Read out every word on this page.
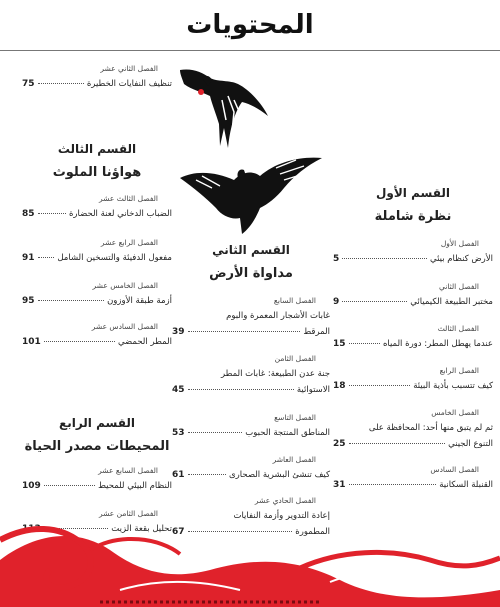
المحتويات
القسم الأول
نظرة شاملة
الفصل الأول
الأرض كنظام بيئي
5
الفصل الثاني
مختبر الطبيعة الكيميائي
9
الفصل الثالث
عندما يهطل المطر: دورة المياه
15
الفصل الرابع
كيف تتسبب بأذية البيئة
18
الفصل الخامس
ثم لم يتبق منها أحد: المحافظة على
التنوع الجيني
25
الفصل السادس
القنبلة السكانية
31
القسم الثاني
مداواة الأرض
الفصل السابع
غابات الأشجار المعمرة والبوم
المرقط
39
الفصل الثامن
جنة عدن الطبيعة: غابات المطر
الاستوائية
45
الفصل التاسع
المناطق المنتجة الحبوب
53
الفصل العاشر
كيف تنشئ البشرية الصحارى
61
الفصل الحادي عشر
إعادة التدوير وأزمة النفايات
المطمورة
67
الفصل الثاني عشر
تنظيف النفايات الخطيرة
75
القسم الثالث
هواؤنا الملوث
الفصل الثالث عشر
الضباب الدخاني لعنة الحضارة
85
الفصل الرابع عشر
مفعول الدفيئة والتسخين الشامل
91
الفصل الخامس عشر
أزمة طبقة الأوزون
95
الفصل السادس عشر
المطر الحمضي
101
القسم الرابع
المحيطات مصدر الحياة
الفصل السابع عشر
النظام البيئي للمحيط
109
الفصل الثامن عشر
تحليل بقعة الزيت
113
